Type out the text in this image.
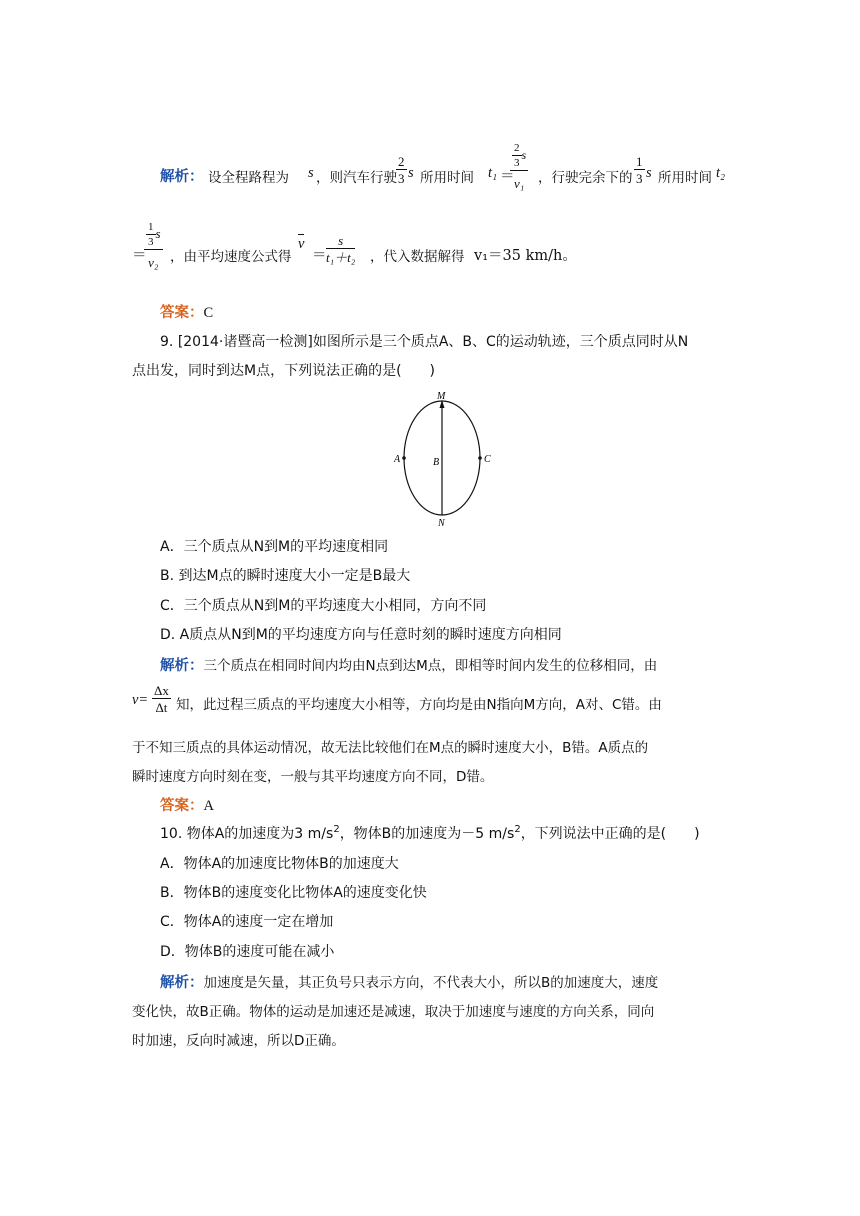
解析： 设全程路程为 s ，则汽车行驶 $\frac{2}{3}$ s 所用时间 t₁ ＝
$\frac{\frac{2}{3} s}{\text{v₁}}$ ，行驶完余下的 $\frac{1}{3}$ s 所用时间 t₂
＝
$\frac{\frac{1}{3} s}{\text{v₂}}$ ，由平均速度公式得
v
＝ $\frac{s}{\text{t₁＋t₂}}$ ，代入数据解得 v₁＝35 km/h。
答案：C
9. [2014·诸暨高一检测]如图所示是三个质点A、B、C的运动轨迹，三个质点同时从N
点出发，同时到达M点，下列说法正确的是(　　)
M
N
A	B	C
A．三个质点从N到M的平均速度相同
B. 到达M点的瞬时速度大小一定是B最大
C．三个质点从N到M的平均速度大小相同，方向不同
D. A质点从N到M的平均速度方向与任意时刻的瞬时速度方向相同
解析：三个质点在相同时间内均由N点到达M点，即相等时间内发生的位移相同，由
$v= \frac{\Delta x}{\Delta t}$ 知，此过程三质点的平均速度大小相等，方向均是由N指向M方向，A对、C错。由
于不知三质点的具体运动情况，故无法比较他们在M点的瞬时速度大小，B错。A质点的
瞬时速度方向时刻在变，一般与其平均速度方向不同，D错。
答案：A
10. 物体A的加速度为3 $m/s^2$，物体B的加速度为－5 $m/s^2$，下列说法中正确的是(　　)
A．物体A的加速度比物体B的加速度大
B．物体B的速度变化比物体A的速度变化快
C．物体A的速度一定在增加
D．物体B的速度可能在减小
解析：加速度是矢量，其正负号只表示方向，不代表大小，所以B的加速度大，速度
变化快，故B正确。物体的运动是加速还是减速，取决于加速度与速度的方向关系，同向
时加速，反向时减速，所以D正确。
